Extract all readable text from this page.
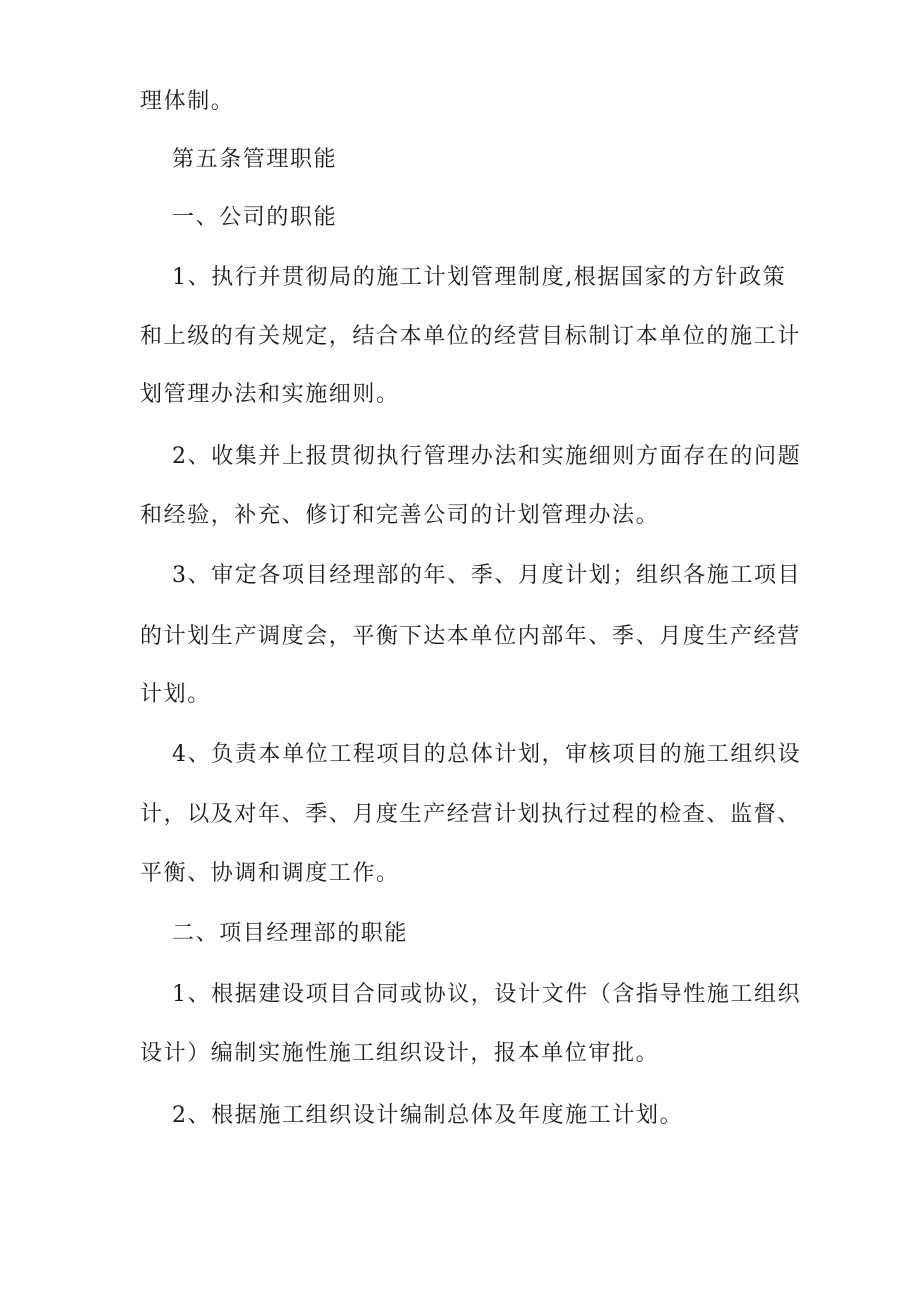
理体制。

第五条管理职能

一、公司的职能

1、执行并贯彻局的施工计划管理制度,根据国家的方针政策

和上级的有关规定，结合本单位的经营目标制订本单位的施工计

划管理办法和实施细则。

2、收集并上报贯彻执行管理办法和实施细则方面存在的问题

和经验，补充、修订和完善公司的计划管理办法。

3、审定各项目经理部的年、季、月度计划；组织各施工项目

的计划生产调度会，平衡下达本单位内部年、季、月度生产经营

计划。

4、负责本单位工程项目的总体计划，审核项目的施工组织设

计，以及对年、季、月度生产经营计划执行过程的检查、监督、

平衡、协调和调度工作。

二、项目经理部的职能

1、根据建设项目合同或协议，设计文件（含指导性施工组织

设计）编制实施性施工组织设计，报本单位审批。

2、根据施工组织设计编制总体及年度施工计划。
